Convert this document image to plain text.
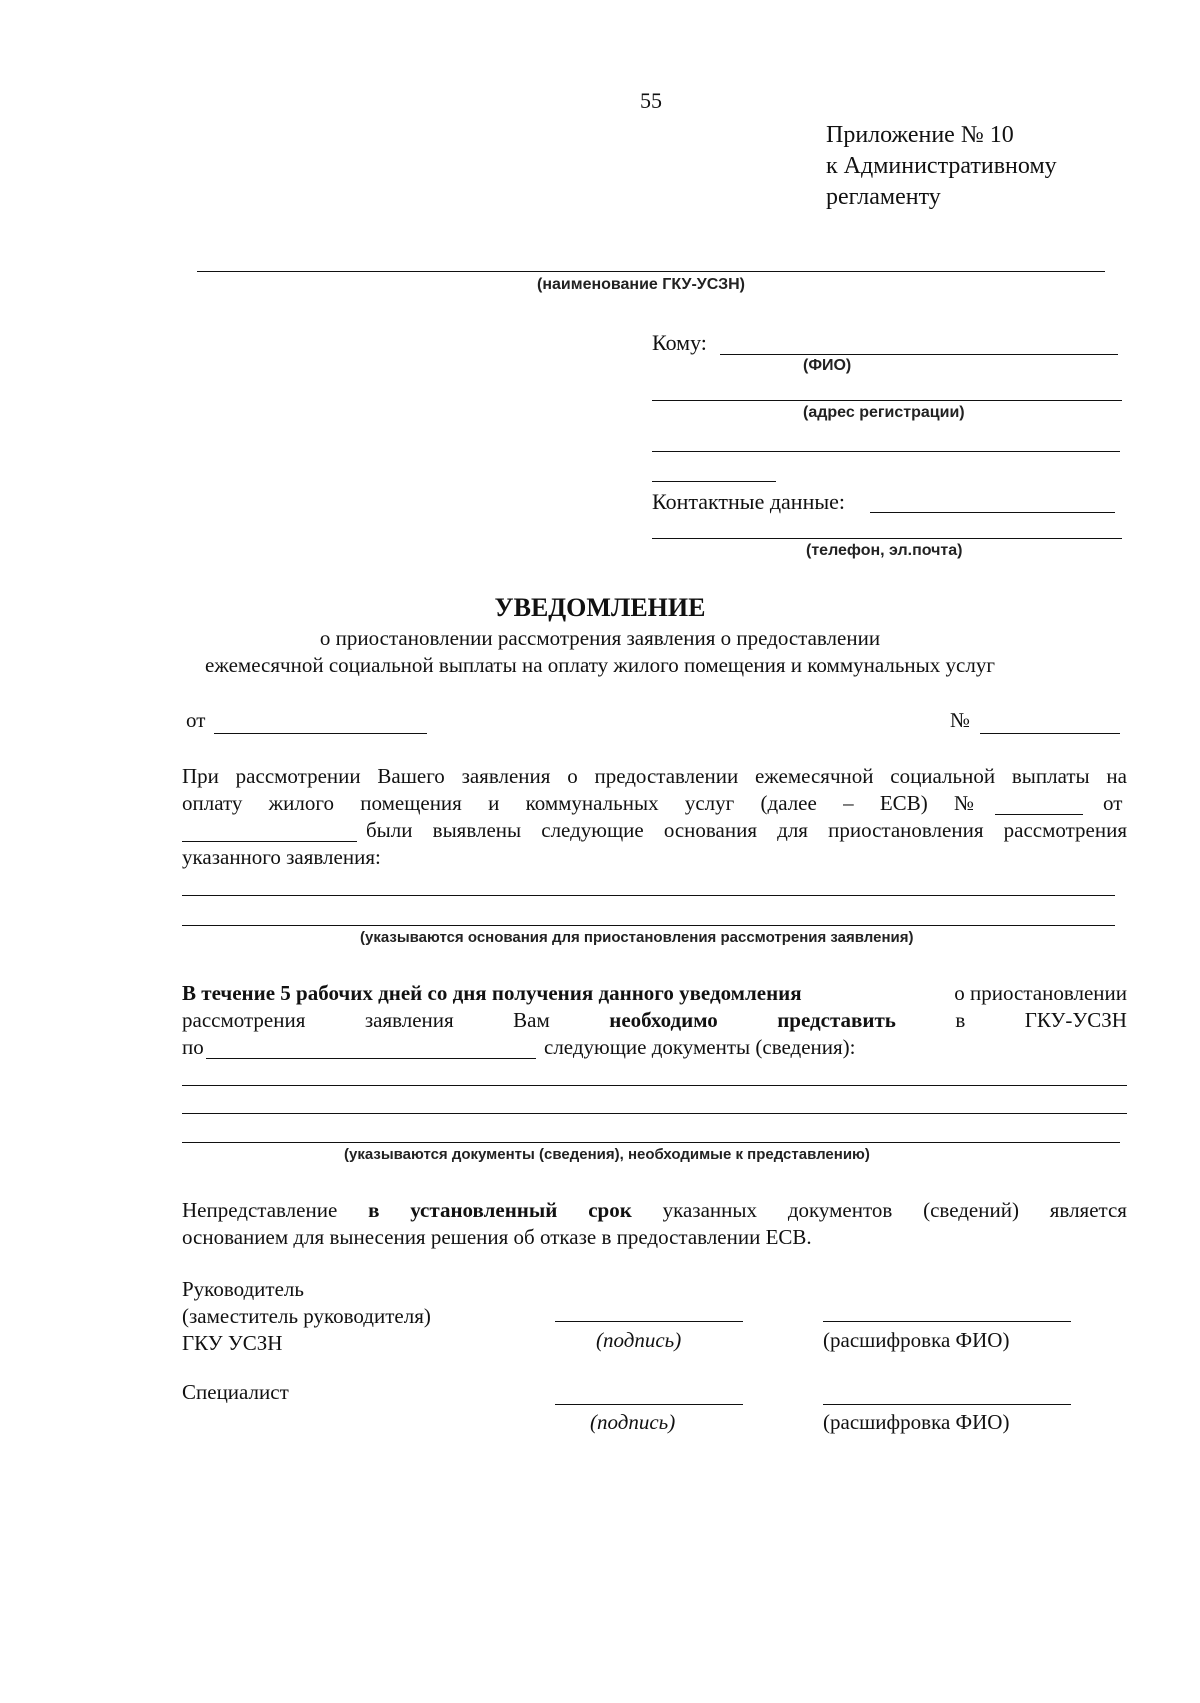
55
Приложение № 10
к Административному
регламенту
(наименование ГКУ-УСЗН)
Кому:
(ФИО)
(адрес регистрации)
Контактные данные:
(телефон, эл.почта)
УВЕДОМЛЕНИЕ
о приостановлении рассмотрения заявления о предоставлении
ежемесячной социальной выплаты на оплату жилого помещения и коммунальных услуг
от	№
При рассмотрении Вашего заявления о предоставлении ежемесячной социальной выплаты на
оплату жилого помещения и коммунальных услуг (далее – ЕСВ) №	от
были выявлены следующие основания для приостановления рассмотрения
указанного заявления:
(указываются основания для приостановления рассмотрения заявления)
В течение 5 рабочих дней со дня получения данного уведомления	о приостановлении
рассмотрения	заявления	Вам	необходимо	представить	в	ГКУ-УСЗН
по	следующие документы (сведения):
(указываются документы (сведения), необходимые к представлению)
Непредставление в установленный срок указанных документов (сведений) является
основанием для вынесения решения об отказе в предоставлении ЕСВ.
Руководитель
(заместитель руководителя)
ГКУ УСЗН	(подпись)	(расшифровка ФИО)
Специалист
(подпись)	(расшифровка ФИО)
